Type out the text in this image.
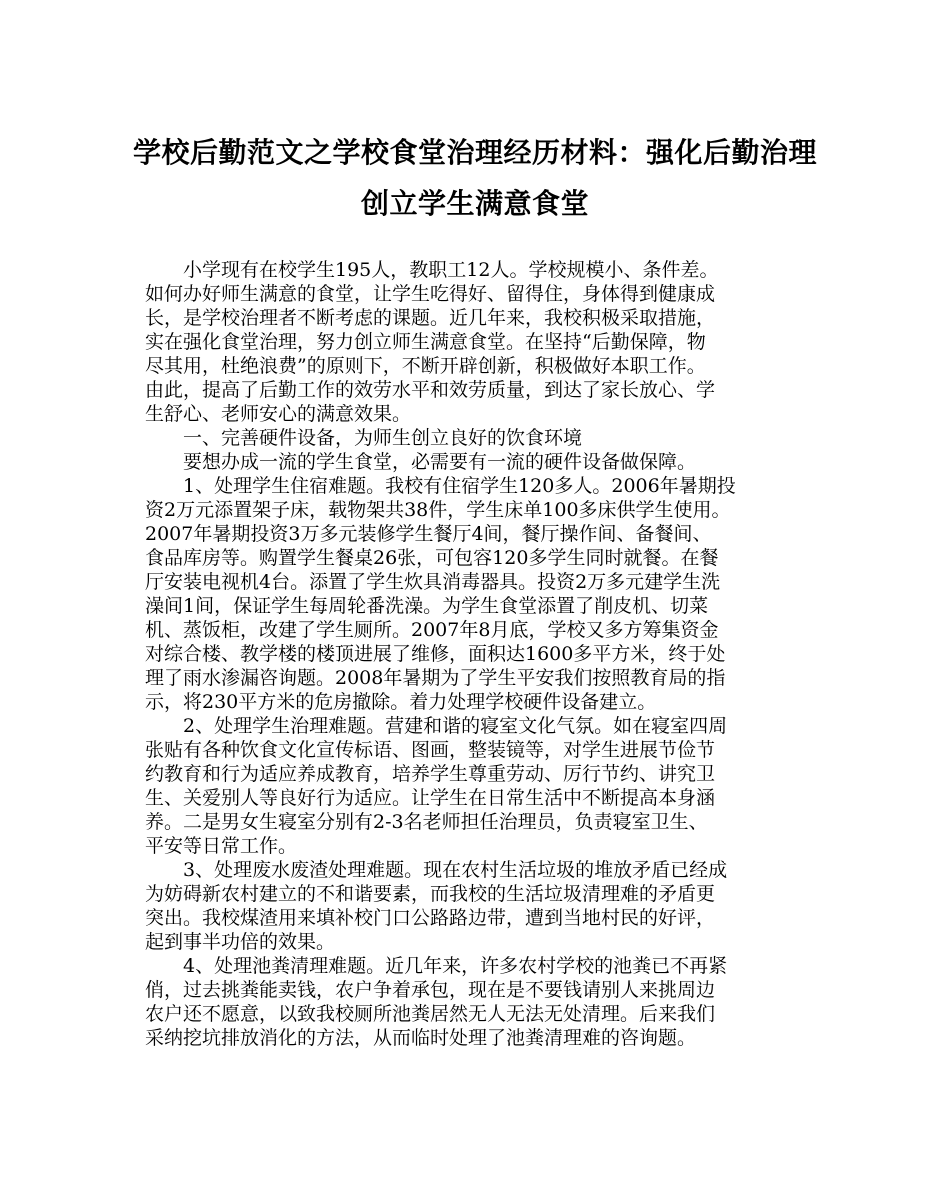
学校后勤范文之学校食堂治理经历材料：强化后勤治理
创立学生满意食堂
小学现有在校学生195人，教职工12人。学校规模小、条件差。
如何办好师生满意的食堂，让学生吃得好、留得住，身体得到健康成
长，是学校治理者不断考虑的课题。近几年来，我校积极采取措施，
实在强化食堂治理，努力创立师生满意食堂。在坚持“后勤保障，物
尽其用，杜绝浪费”的原则下，不断开辟创新，积极做好本职工作。
由此，提高了后勤工作的效劳水平和效劳质量，到达了家长放心、学
生舒心、老师安心的满意效果。
一、完善硬件设备，为师生创立良好的饮食环境
要想办成一流的学生食堂，必需要有一流的硬件设备做保障。
1、处理学生住宿难题。我校有住宿学生120多人。2006年暑期投
资2万元添置架子床，载物架共38件，学生床单100多床供学生使用。
2007年暑期投资3万多元装修学生餐厅4间，餐厅操作间、备餐间、
食品库房等。购置学生餐桌26张，可包容120多学生同时就餐。在餐
厅安装电视机4台。添置了学生炊具消毒器具。投资2万多元建学生洗
澡间1间，保证学生每周轮番洗澡。为学生食堂添置了削皮机、切菜
机、蒸饭柜，改建了学生厕所。2007年8月底，学校又多方筹集资金
对综合楼、教学楼的楼顶进展了维修，面积达1600多平方米，终于处
理了雨水渗漏咨询题。2008年暑期为了学生平安我们按照教育局的指
示，将230平方米的危房撤除。着力处理学校硬件设备建立。
2、处理学生治理难题。营建和谐的寝室文化气氛。如在寝室四周
张贴有各种饮食文化宣传标语、图画，整装镜等，对学生进展节俭节
约教育和行为适应养成教育，培养学生尊重劳动、厉行节约、讲究卫
生、关爱别人等良好行为适应。让学生在日常生活中不断提高本身涵
养。二是男女生寝室分别有2-3名老师担任治理员，负责寝室卫生、
平安等日常工作。
3、处理废水废渣处理难题。现在农村生活垃圾的堆放矛盾已经成
为妨碍新农村建立的不和谐要素，而我校的生活垃圾清理难的矛盾更
突出。我校煤渣用来填补校门口公路路边带，遭到当地村民的好评，
起到事半功倍的效果。
4、处理池粪清理难题。近几年来，许多农村学校的池粪已不再紧
俏，过去挑粪能卖钱，农户争着承包，现在是不要钱请别人来挑周边
农户还不愿意，以致我校厕所池粪居然无人无法无处清理。后来我们
采纳挖坑排放消化的方法，从而临时处理了池粪清理难的咨询题。
